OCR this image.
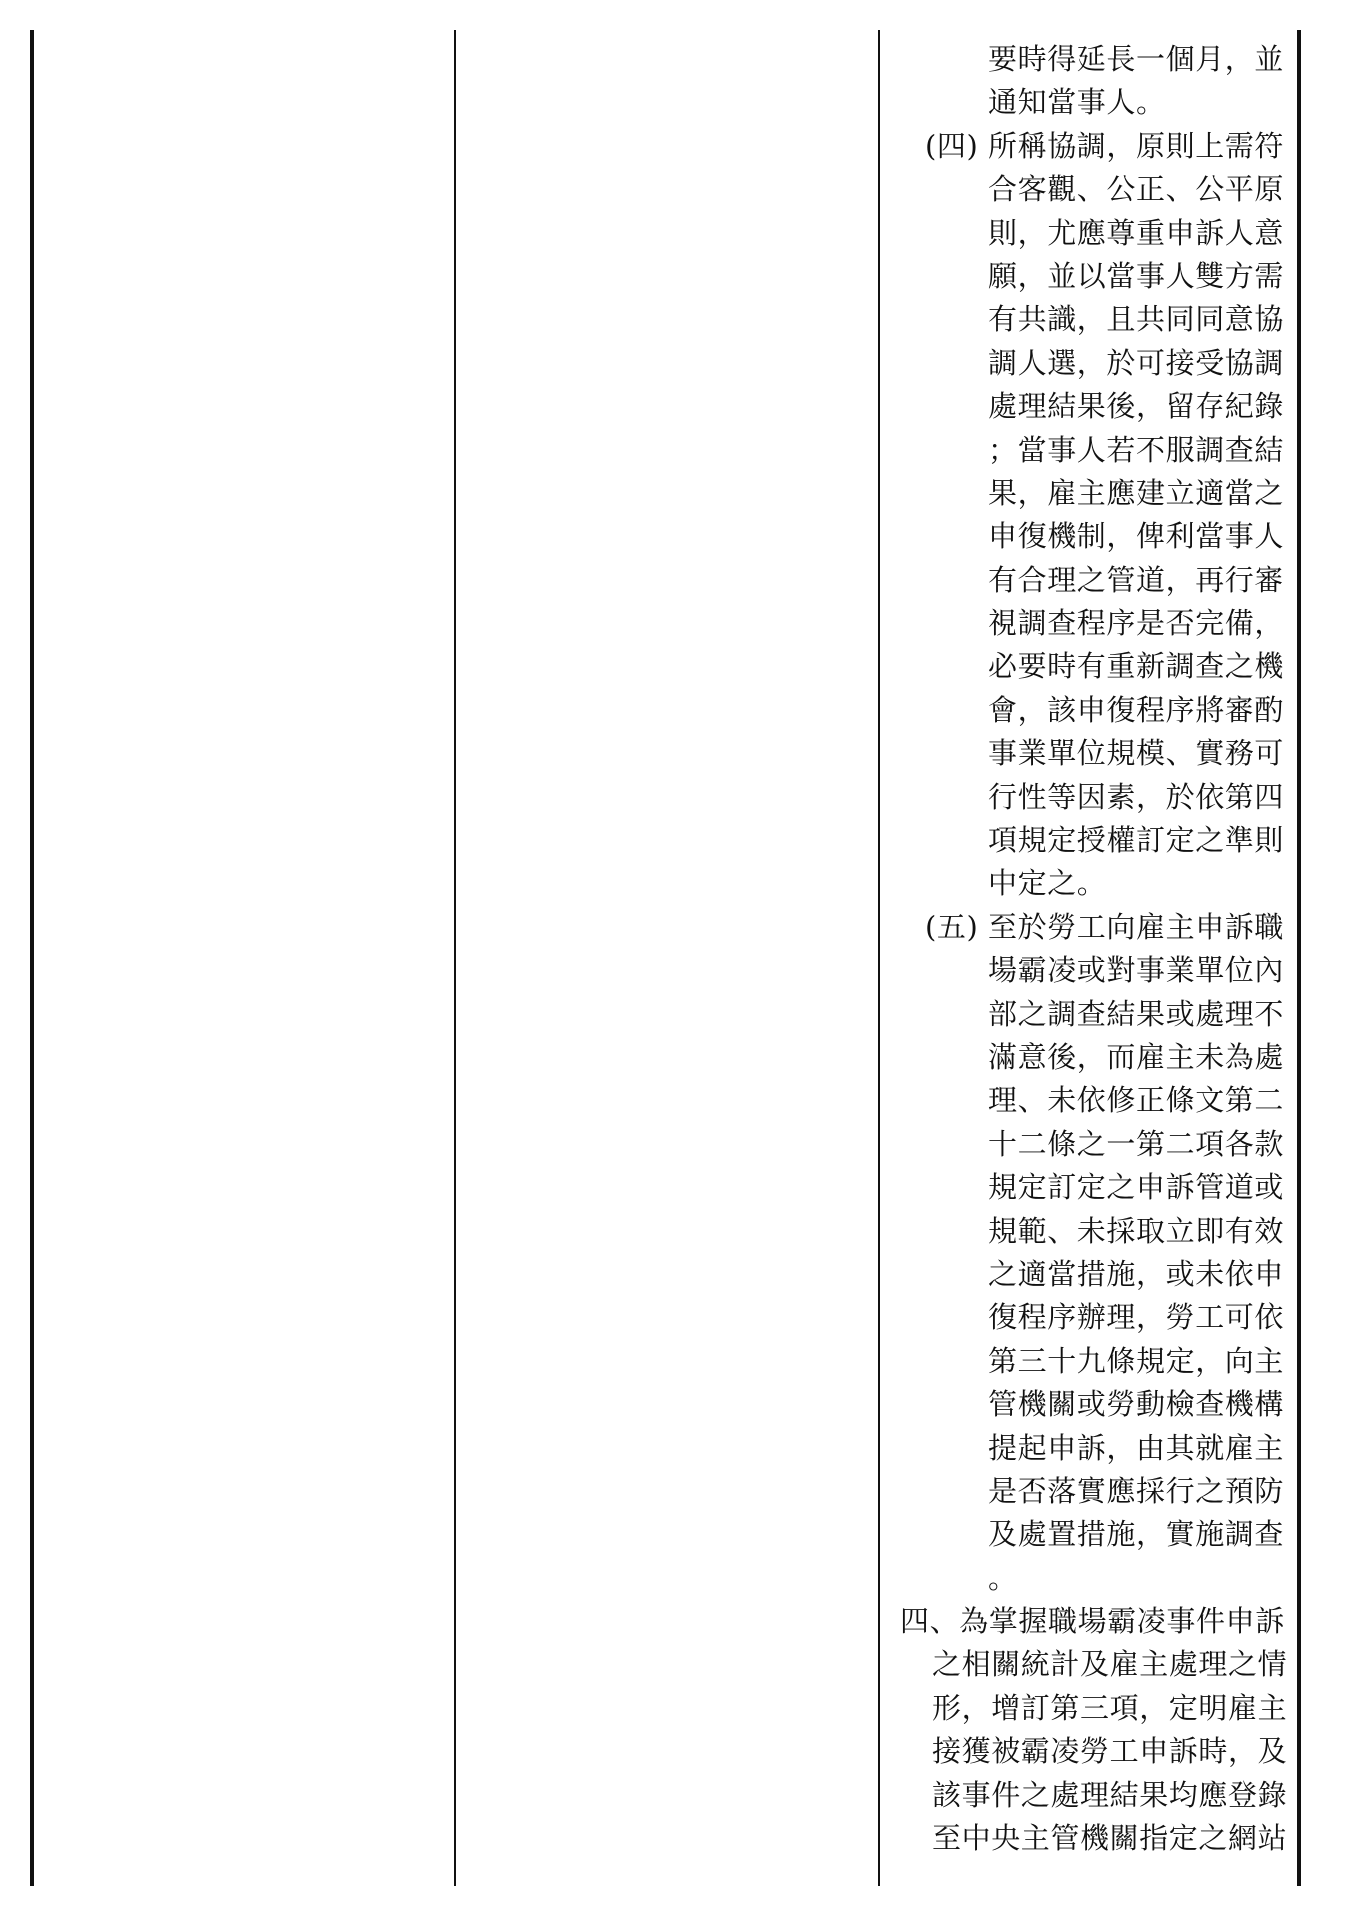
要時得延長一個月，並
通知當事人。
(四) 所稱協調，原則上需符
合客觀、公正、公平原
則，尤應尊重申訴人意
願，並以當事人雙方需
有共識，且共同同意協
調人選，於可接受協調
處理結果後，留存紀錄
；當事人若不服調查結
果，雇主應建立適當之
申復機制，俾利當事人
有合理之管道，再行審
視調查程序是否完備，
必要時有重新調查之機
會，該申復程序將審酌
事業單位規模、實務可
行性等因素，於依第四
項規定授權訂定之準則
中定之。
(五) 至於勞工向雇主申訴職
場霸凌或對事業單位內
部之調查結果或處理不
滿意後，而雇主未為處
理、未依修正條文第二
十二條之一第二項各款
規定訂定之申訴管道或
規範、未採取立即有效
之適當措施，或未依申
復程序辦理，勞工可依
第三十九條規定，向主
管機關或勞動檢查機構
提起申訴，由其就雇主
是否落實應採行之預防
及處置措施，實施調查
。
四、為掌握職場霸凌事件申訴
之相關統計及雇主處理之情
形，增訂第三項，定明雇主
接獲被霸凌勞工申訴時，及
該事件之處理結果均應登錄
至中央主管機關指定之網站
